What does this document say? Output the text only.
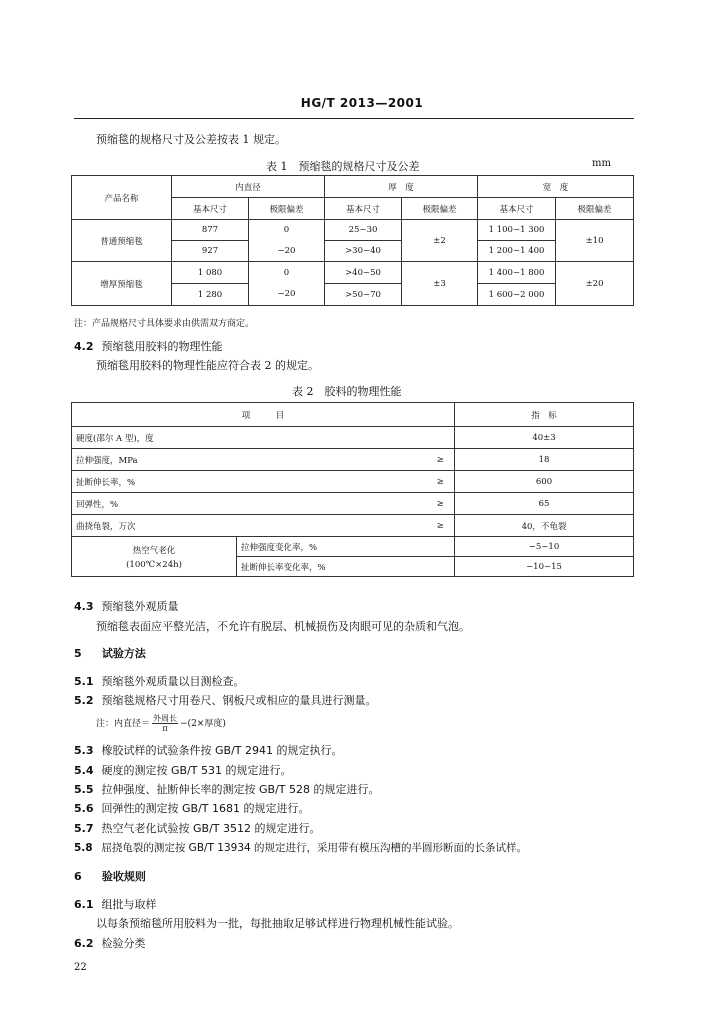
HG/T 2013—2001
预缩毯的规格尺寸及公差按表 1 规定。
表 1　预缩毯的规格尺寸及公差	mm
产品名称	内直径		厚　度		宽　度	
	基本尺寸	极限偏差	基本尺寸	极限偏差	基本尺寸	极限偏差
普通预缩毯	877	0	25~30	±2	1 100~1 300	±10
	927	−20	>30~40		1 200~1 400	
增厚预缩毯	1 080	0	>40~50	±3	1 400~1 800	±20
	1 280	−20	>50~70		1 600~2 000	
注：产品规格尺寸具体要求由供需双方商定。
4.2 预缩毯用胶料的物理性能
预缩毯用胶料的物理性能应符合表 2 的规定。
表 2　胶料的物理性能
项　　　目			指　标
硬度(邵尔 A 型)，度			40±3
拉伸强度，MPa		≥	18
扯断伸长率，%		≥	600
回弹性，%		≥	65
曲挠龟裂，万次		≥	40，不龟裂

热空气老化
(100℃×24h)	拉伸强度变化率，%		−5~10
	扯断伸长率变化率，%		−10~15
4.3 预缩毯外观质量
预缩毯表面应平整光洁，不允许有脱层、机械损伤及肉眼可见的杂质和气泡。
5 试验方法
5.1 预缩毯外观质量以目测检查。
5.2 预缩毯规格尺寸用卷尺、钢板尺或相应的量具进行测量。
注：内直径＝ $\frac{\text{外周长}}{\pi} -(2\times$厚度)
5.3 橡胶试样的试验条件按 GB/T 2941 的规定执行。
5.4 硬度的测定按 GB/T 531 的规定进行。
5.5 拉伸强度、扯断伸长率的测定按 GB/T 528 的规定进行。
5.6 回弹性的测定按 GB/T 1681 的规定进行。
5.7 热空气老化试验按 GB/T 3512 的规定进行。
5.8 屈挠龟裂的测定按 GB/T 13934 的规定进行，采用带有模压沟槽的半圆形断面的长条试样。
6 验收规则
6.1 组批与取样
以每条预缩毯所用胶料为一批，每批抽取足够试样进行物理机械性能试验。
6.2 检验分类
22
